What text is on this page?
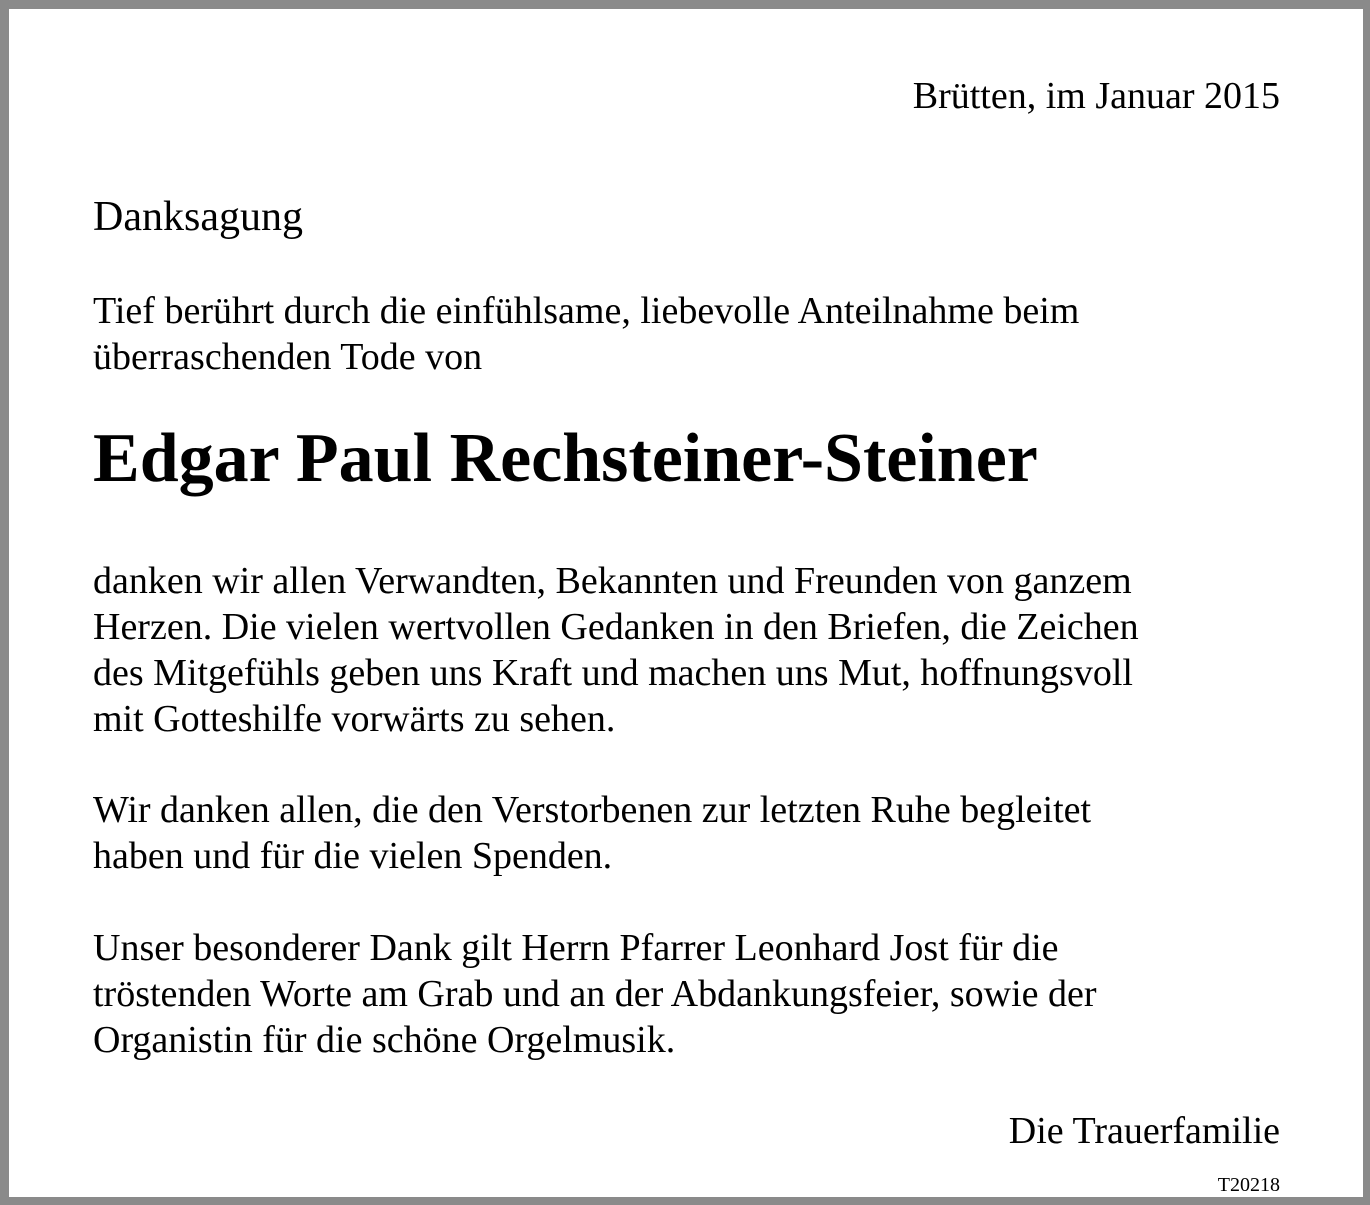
Brütten, im Januar 2015
Danksagung
Tief berührt durch die einfühlsame, liebevolle Anteilnahme beim
überraschenden Tode von
Edgar Paul Rechsteiner-Steiner
danken wir allen Verwandten, Bekannten und Freunden von ganzem
Herzen. Die vielen wertvollen Gedanken in den Briefen, die Zeichen
des Mitgefühls geben uns Kraft und machen uns Mut, hoffnungsvoll
mit Gotteshilfe vorwärts zu sehen.
Wir danken allen, die den Verstorbenen zur letzten Ruhe begleitet
haben und für die vielen Spenden.
Unser besonderer Dank gilt Herrn Pfarrer Leonhard Jost für die
tröstenden Worte am Grab und an der Abdankungsfeier, sowie der
Organistin für die schöne Orgelmusik.
Die Trauerfamilie
T20218
